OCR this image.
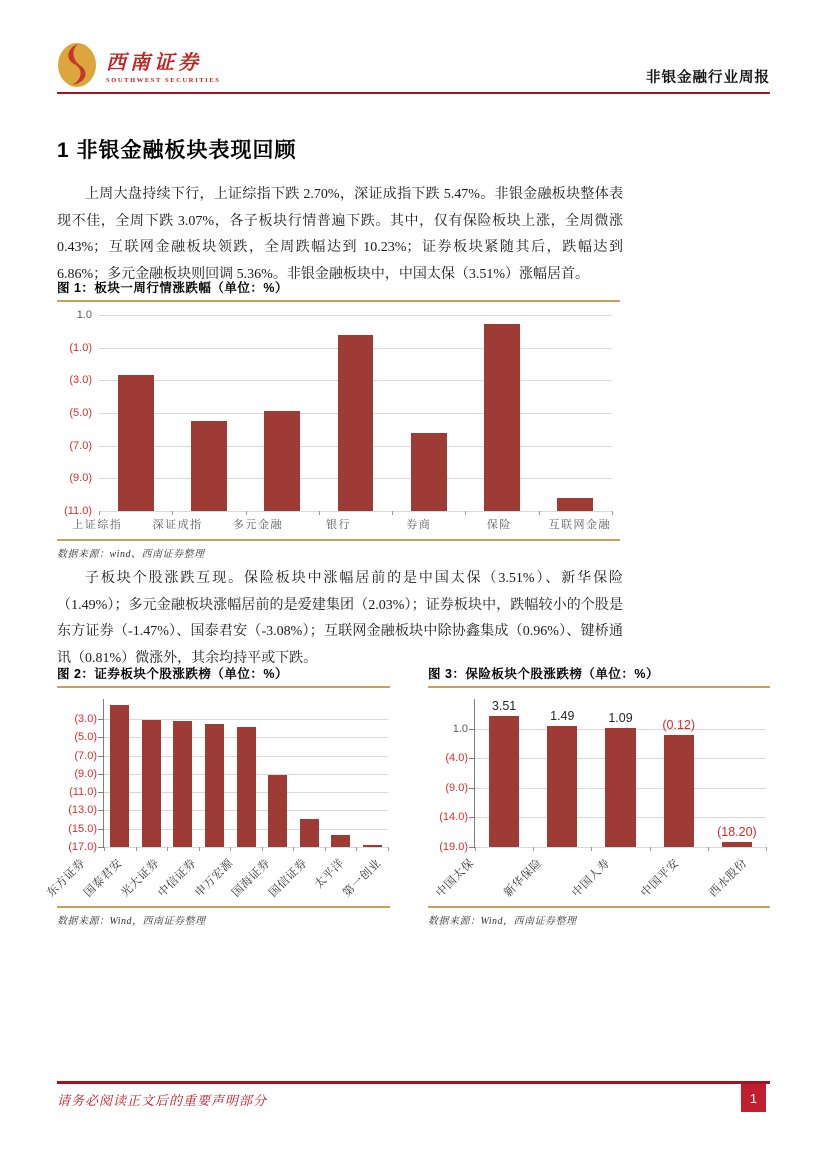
西南证券
SOUTHWEST SECURITIES	非银金融行业周报
1 非银金融板块表现回顾

上周大盘持续下行，上证综指下跌 2.70%，深证成指下跌 5.47%。非银金融板块整体表现不佳，全周下跌 3.07%，各子板块行情普遍下跌。其中，仅有保险板块上涨，全周微涨 0.43%；互联网金融板块领跌，全周跌幅达到 10.23%；证券板块紧随其后，跌幅达到 6.86%；多元金融板块则回调 5.36%。非银金融板块中，中国太保（3.51%）涨幅居首。

图 1：板块一周行情涨跌幅（单位：%）
1.0
(1.0)
(3.0)
(5.0)
(7.0)
(9.0)
(11.0)
上证综指	深证成指	多元金融	银行	券商	保险	互联网金融
数据来源：wind、西南证券整理

子板块个股涨跌互现。保险板块中涨幅居前的是中国太保（3.51%）、新华保险（1.49%）；多元金融板块涨幅居前的是爱建集团（2.03%）；证券板块中，跌幅较小的个股是东方证券（-1.47%）、国泰君安（-3.08%）；互联网金融板块中除协鑫集成（0.96%）、键桥通讯（0.81%）微涨外，其余均持平或下跌。

图 2：证券板块个股涨跌榜（单位：%）
(3.0)
(5.0)
(7.0)
(9.0)
(11.0)
(13.0)
(15.0)
(17.0)
东方证券
国泰君安
光大证券
中信证券
申万宏源
国海证券
国信证券 太平洋
第一创业
数据来源：Wind，西南证券整理
图 3：保险板块个股涨跌榜（单位：%）
1.0
(4.0)
(9.0)
(14.0)
(19.0)
3.51
1.49	1.09
(0.12)
(18.20)
中国太保 新华保险 中国人寿 中国平安 西水股份
数据来源：Wind，西南证券整理
请务必阅读正文后的重要声明部分	1
